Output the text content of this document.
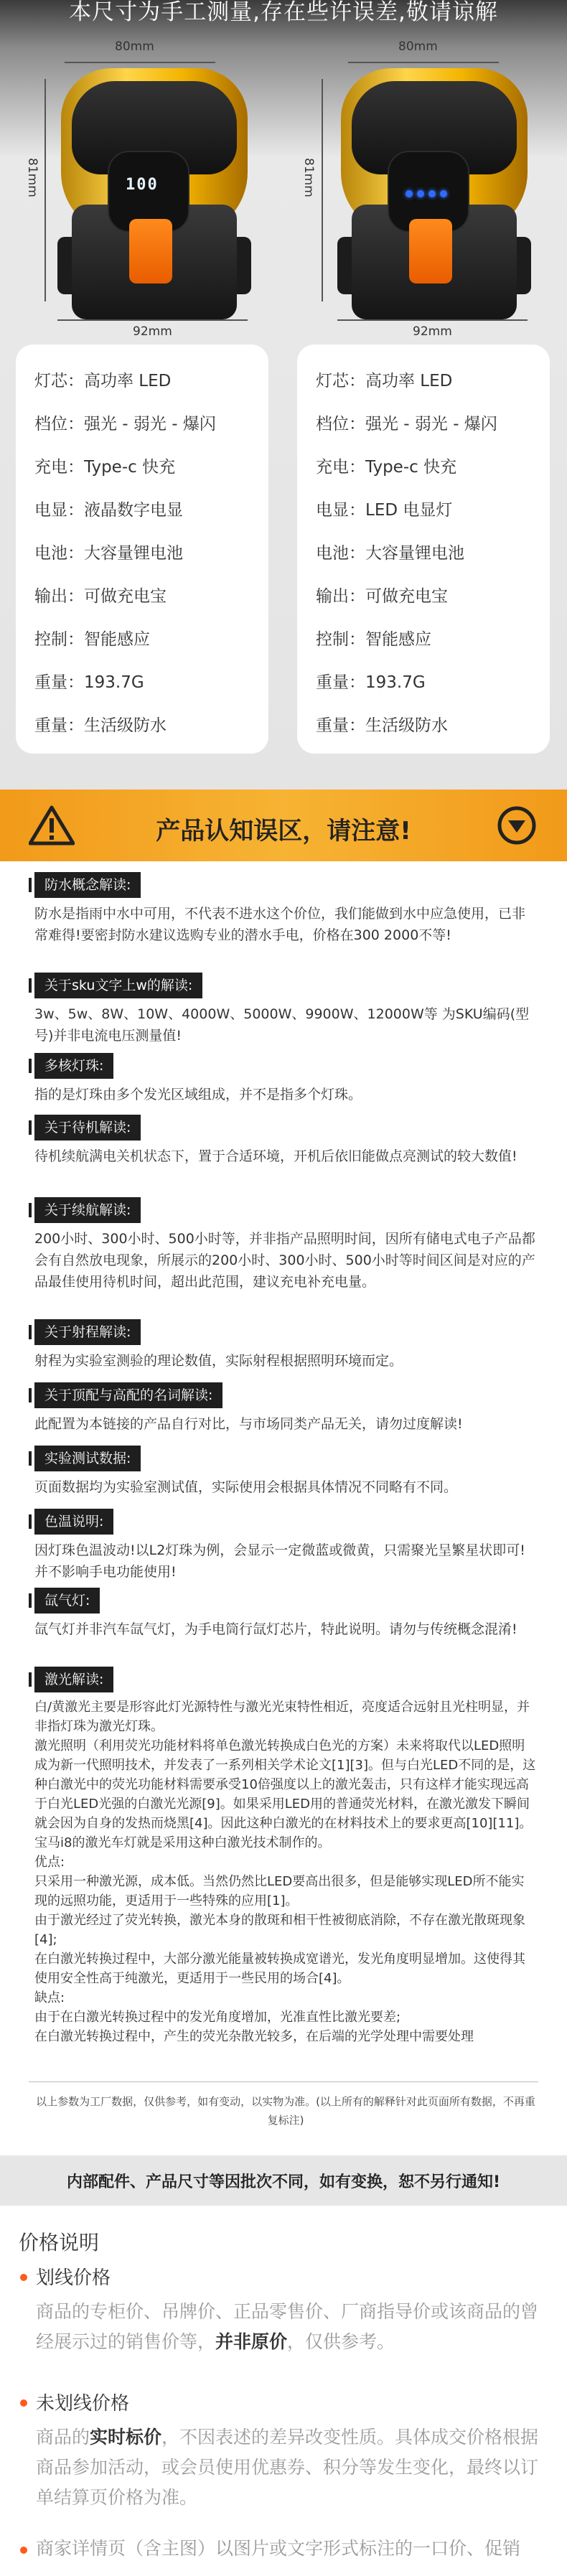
本尺寸为手工测量,存在些许误差,敬请谅解
80mm
81mm
92mm
80mm
81mm
92mm
100
灯芯：高功率 LED
档位：强光 - 弱光 - 爆闪
充电：Type-c 快充
电显：液晶数字电显
电池：大容量锂电池
输出：可做充电宝
控制：智能感应
重量：193.7G
重量：生活级防水
灯芯：高功率 LED
档位：强光 - 弱光 - 爆闪
充电：Type-c 快充
电显：LED 电显灯
电池：大容量锂电池
输出：可做充电宝
控制：智能感应
重量：193.7G
重量：生活级防水
产品认知误区，请注意!
防水概念解读:
防水是指雨中水中可用，不代表不进水这个价位，我们能做到水中应急使用，已非常难得!要密封防水建议选购专业的潜水手电，价格在300 2000不等!
关于sku文字上w的解读:
3w、5w、8W、10W、4000W、5000W、9900W、12000W等 为SKU编码(型号)并非电流电压测量值!
多核灯珠:
指的是灯珠由多个发光区域组成，并不是指多个灯珠。
关于待机解读:
待机续航满电关机状态下，置于合适环境，开机后依旧能做点亮测试的较大数值!
关于续航解读:
200小时、300小时、500小时等，并非指产品照明时间，因所有储电式电子产品都会有自然放电现象，所展示的200小时、300小时、500小时等时间区间是对应的产品最佳使用待机时间，超出此范围，建议充电补充电量。
关于射程解读:
射程为实验室测验的理论数值，实际射程根据照明环境而定。
关于顶配与高配的名词解读:
此配置为本链接的产品自行对比，与市场同类产品无关，请勿过度解读!
实验测试数据:
页面数据均为实验室测试值，实际使用会根据具体情况不同略有不同。
色温说明:
因灯珠色温波动!以L2灯珠为例，会显示一定微蓝或微黄，只需聚光呈繁星状即可!并不影响手电功能使用!
氙气灯:
氙气灯并非汽车氙气灯，为手电筒行氙灯芯片，特此说明。请勿与传统概念混淆!
激光解读:
白/黄激光主要是形容此灯光源特性与激光光束特性相近，亮度适合远射且光柱明显，并非指灯珠为激光灯珠。
激光照明（利用荧光功能材料将单色激光转换成白色光的方案）未来将取代以LED照明成为新一代照明技术，并发表了一系列相关学术论文[1][3]。但与白光LED不同的是，这种白激光中的荧光功能材料需要承受10倍强度以上的激光轰击，只有这样才能实现远高于白光LED光强的白激光光源[9]。如果采用LED用的普通荧光材料，在激光激发下瞬间就会因为自身的发热而烧黑[4]。因此这种白激光的在材料技术上的要求更高[10][11]。宝马i8的激光车灯就是采用这种白激光技术制作的。
优点:
只采用一种激光源，成本低。当然仍然比LED要高出很多，但是能够实现LED所不能实现的远照功能，更适用于一些特殊的应用[1]。
由于激光经过了荧光转换，激光本身的散斑和相干性被彻底消除，不存在激光散斑现象[4];
在白激光转换过程中，大部分激光能量被转换成宽谱光，发光角度明显增加。这使得其使用安全性高于纯激光，更适用于一些民用的场合[4]。
缺点:
由于在白激光转换过程中的发光角度增加，光准直性比激光要差;
在白激光转换过程中，产生的荧光杂散光较多，在后端的光学处理中需要处理
以上参数为工厂数据，仅供参考，如有变动，以实物为准。(以上所有的解释针对此页面所有数据，不再重复标注)
内部配件、产品尺寸等因批次不同，如有变换，恕不另行通知!
价格说明
划线价格
商品的专柜价、吊牌价、正品零售价、厂商指导价或该商品的曾经展示过的销售价等，并非原价，仅供参考。
未划线价格
商品的实时标价，不因表述的差异改变性质。具体成交价格根据商品参加活动，或会员使用优惠券、积分等发生变化，最终以订单结算页价格为准。
商家详情页（含主图）以图片或文字形式标注的一口价、促销
